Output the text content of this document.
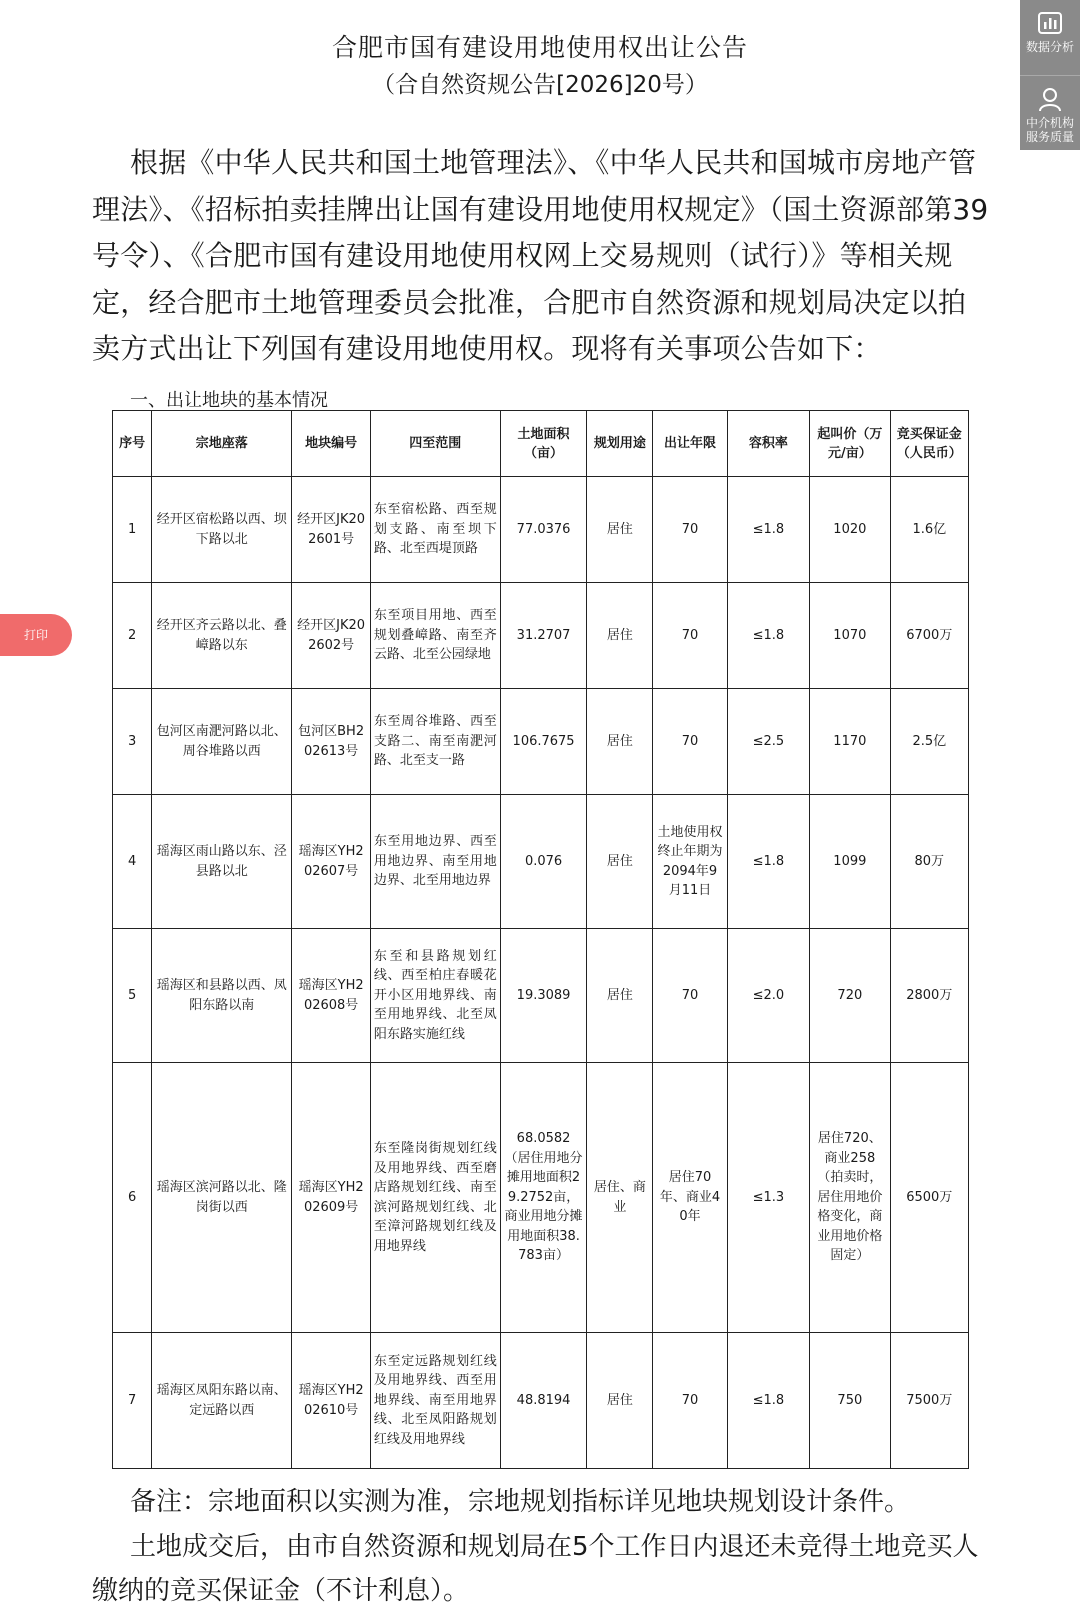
合肥市国有建设用地使用权出让公告
（合自然资规公告[2026]20号）
根据《中华人民共和国土地管理法》、《中华人民共和国城市房地产管理法》、《招标拍卖挂牌出让国有建设用地使用权规定》（国土资源部第39号令）、《合肥市国有建设用地使用权网上交易规则（试行）》等相关规定，经合肥市土地管理委员会批准，合肥市自然资源和规划局决定以拍卖方式出让下列国有建设用地使用权。现将有关事项公告如下：
一、出让地块的基本情况
序号	宗地座落	地块编号	四至范围	土地面积（亩）	规划用途	出让年限	容积率	起叫价（万元/亩）	竞买保证金（人民币）
1	经开区宿松路以西、坝下路以北	经开区JK202601号	东至宿松路、西至规划支路、南至坝下路、北至西堤顶路	77.0376	居住	70	≤1.8	1020	1.6亿
2	经开区齐云路以北、叠嶂路以东	经开区JK202602号	东至项目用地、西至规划叠嶂路、南至齐云路、北至公园绿地	31.2707	居住	70	≤1.8	1070	6700万
3	包河区南淝河路以北、周谷堆路以西	包河区BH202613号	东至周谷堆路、西至支路二、南至南淝河路、北至支一路	106.7675	居住	70	≤2.5	1170	2.5亿
4	瑶海区雨山路以东、泾县路以北	瑶海区YH202607号	东至用地边界、西至用地边界、南至用地边界、北至用地边界	0.076	居住	土地使用权终止年期为2094年9月11日	≤1.8	1099	80万
5	瑶海区和县路以西、凤阳东路以南	瑶海区YH202608号	东至和县路规划红线、西至柏庄春暖花开小区用地界线、南至用地界线、北至凤阳东路实施红线	19.3089	居住	70	≤2.0	720	2800万
6	瑶海区滨河路以北、隆岗街以西	瑶海区YH202609号	东至隆岗街规划红线及用地界线、西至磨店路规划红线、南至滨河路规划红线、北至漳河路规划红线及用地界线	68.0582（居住用地分摊用地面积29.2752亩，商业用地分摊用地面积38.783亩）	居住、商业	居住70年、商业40年	≤1.3	居住720、商业258（拍卖时，居住用地价格变化，商业用地价格固定）	6500万
7	瑶海区凤阳东路以南、定远路以西	瑶海区YH202610号	东至定远路规划红线及用地界线、西至用地界线、南至用地界线、北至凤阳路规划红线及用地界线	48.8194	居住	70	≤1.8	750	7500万
备注：宗地面积以实测为准，宗地规划指标详见地块规划设计条件。
土地成交后，由市自然资源和规划局在5个工作日内退还未竞得土地竞买人缴纳的竞买保证金（不计利息）。
数据分析
中介机构服务质量
打印
